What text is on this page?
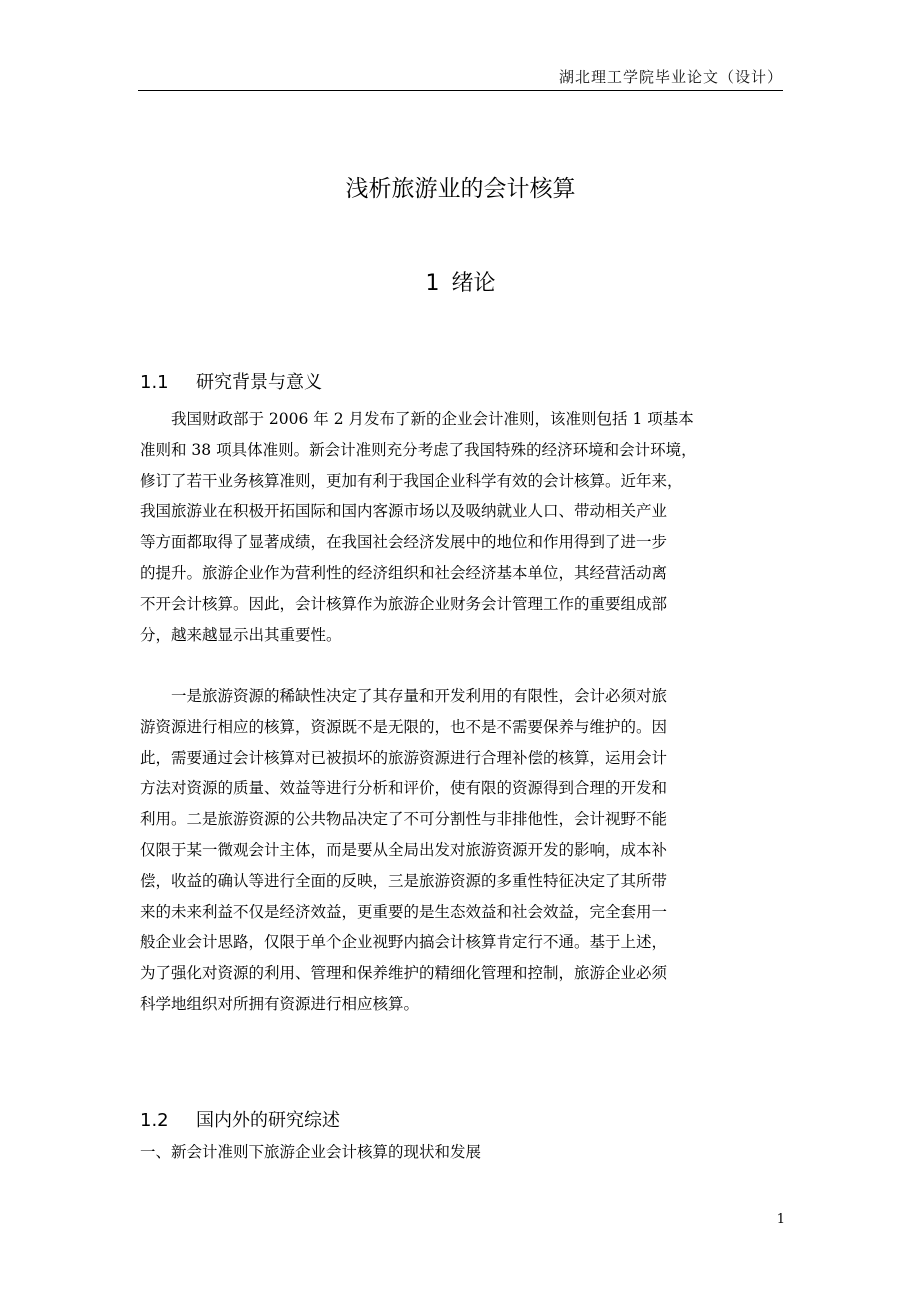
湖北理工学院毕业论文（设计）
浅析旅游业的会计核算
1 绪论
1.1 研究背景与意义
　　我国财政部于 2006 年 2 月发布了新的企业会计准则，该准则包括 1 项基本
准则和 38 项具体准则。新会计准则充分考虑了我国特殊的经济环境和会计环境，
修订了若干业务核算准则，更加有利于我国企业科学有效的会计核算。近年来，
我国旅游业在积极开拓国际和国内客源市场以及吸纳就业人口、带动相关产业
等方面都取得了显著成绩，在我国社会经济发展中的地位和作用得到了进一步
的提升。旅游企业作为营利性的经济组织和社会经济基本单位，其经营活动离
不开会计核算。因此，会计核算作为旅游企业财务会计管理工作的重要组成部
分，越来越显示出其重要性。
　　一是旅游资源的稀缺性决定了其存量和开发利用的有限性，会计必须对旅
游资源进行相应的核算，资源既不是无限的，也不是不需要保养与维护的。因
此，需要通过会计核算对已被损坏的旅游资源进行合理补偿的核算，运用会计
方法对资源的质量、效益等进行分析和评价，使有限的资源得到合理的开发和
利用。二是旅游资源的公共物品决定了不可分割性与非排他性，会计视野不能
仅限于某一微观会计主体，而是要从全局出发对旅游资源开发的影响，成本补
偿，收益的确认等进行全面的反映，三是旅游资源的多重性特征决定了其所带
来的未来利益不仅是经济效益，更重要的是生态效益和社会效益，完全套用一
般企业会计思路，仅限于单个企业视野内搞会计核算肯定行不通。基于上述，
为了强化对资源的利用、管理和保养维护的精细化管理和控制，旅游企业必须
科学地组织对所拥有资源进行相应核算。
1.2 国内外的研究综述
一、新会计准则下旅游企业会计核算的现状和发展
1
